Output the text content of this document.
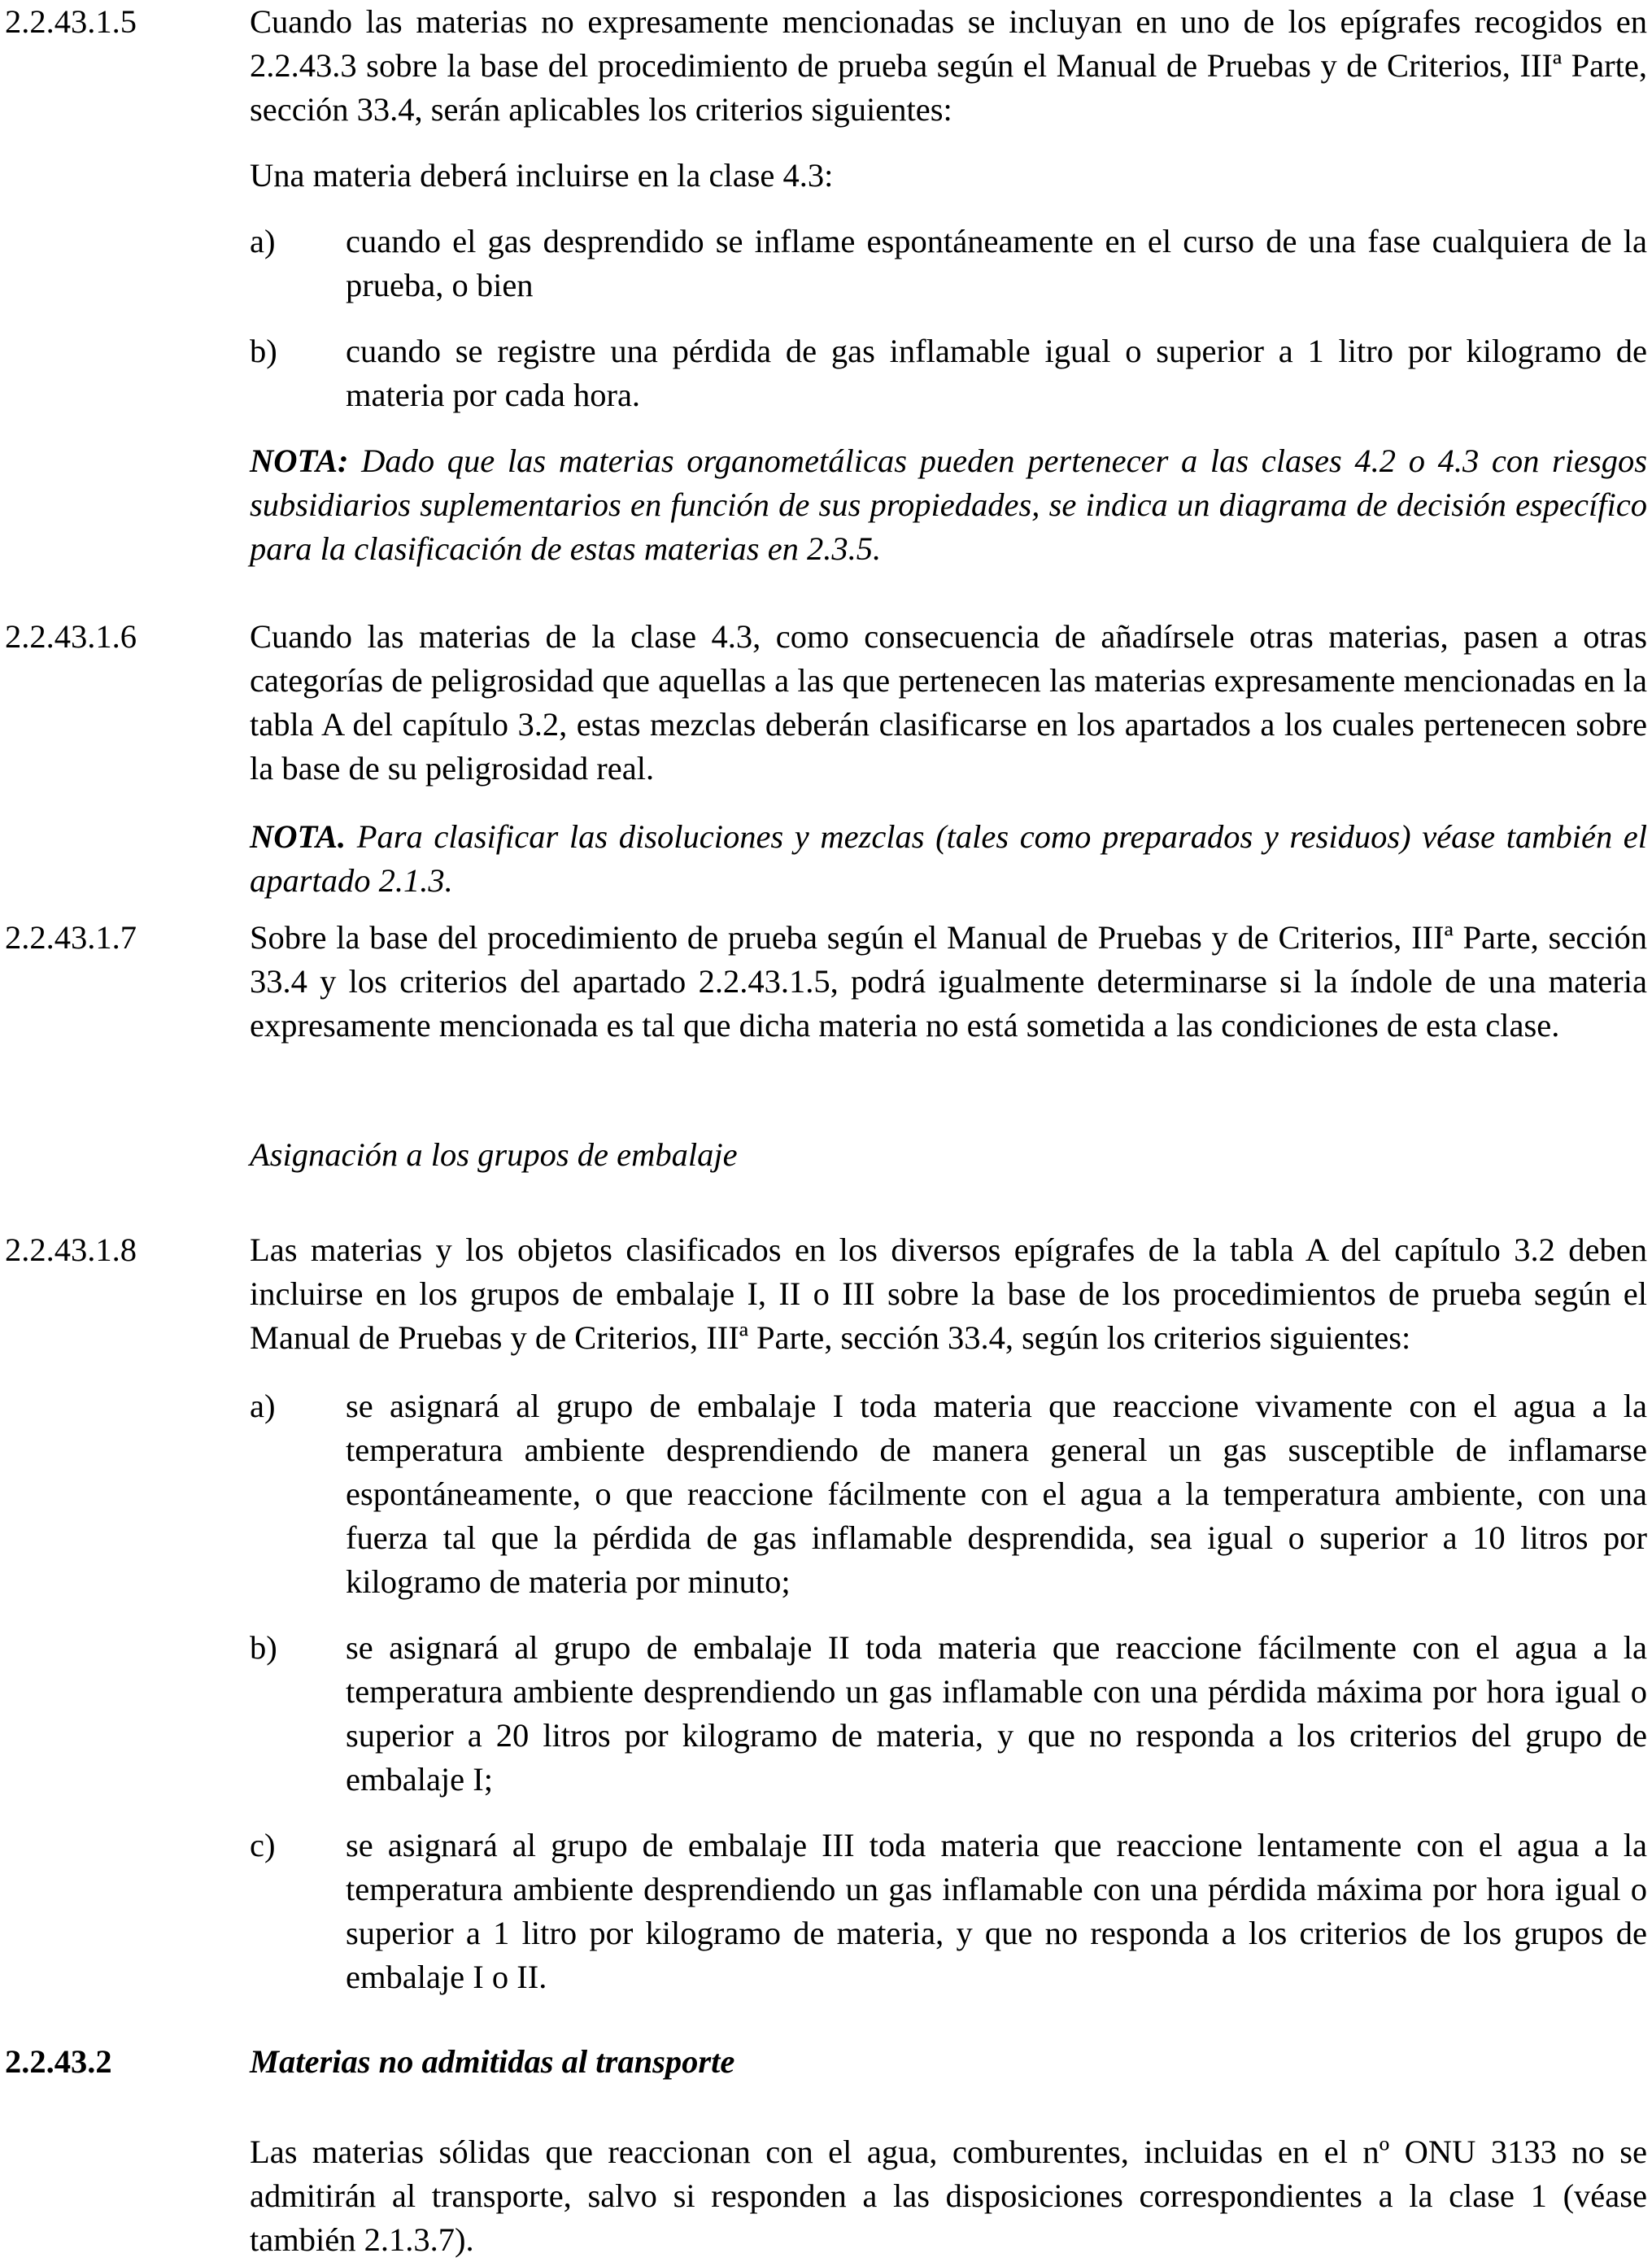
2.2.43.1.5	Cuando las materias no expresamente mencionadas se incluyan en uno de los epígrafes recogidos en 2.2.43.3 sobre la base del procedimiento de prueba según el Manual de Pruebas y de Criterios, IIIª Parte, sección 33.4, serán aplicables los criterios siguientes:

Una materia deberá incluirse en la clase 4.3:

a) cuando el gas desprendido se inflame espontáneamente en el curso de una fase cualquiera de la prueba, o bien

b) cuando se registre una pérdida de gas inflamable igual o superior a 1 litro por kilogramo de materia por cada hora.

NOTA: Dado que las materias organometálicas pueden pertenecer a las clases 4.2 o 4.3 con riesgos subsidiarios suplementarios en función de sus propiedades, se indica un diagrama de decisión específico para la clasificación de estas materias en 2.3.5.

2.2.43.1.6	Cuando las materias de la clase 4.3, como consecuencia de añadírsele otras materias, pasen a otras categorías de peligrosidad que aquellas a las que pertenecen las materias expresamente mencionadas en la tabla A del capítulo 3.2, estas mezclas deberán clasificarse en los apartados a los cuales pertenecen sobre la base de su peligrosidad real.

NOTA. Para clasificar las disoluciones y mezclas (tales como preparados y residuos) véase también el apartado 2.1.3.

2.2.43.1.7	Sobre la base del procedimiento de prueba según el Manual de Pruebas y de Criterios, IIIª Parte, sección 33.4 y los criterios del apartado 2.2.43.1.5, podrá igualmente determinarse si la índole de una materia expresamente mencionada es tal que dicha materia no está sometida a las condiciones de esta clase.

Asignación a los grupos de embalaje

2.2.43.1.8	Las materias y los objetos clasificados en los diversos epígrafes de la tabla A del capítulo 3.2 deben incluirse en los grupos de embalaje I, II o III sobre la base de los procedimientos de prueba según el Manual de Pruebas y de Criterios, IIIª Parte, sección 33.4, según los criterios siguientes:

a) se asignará al grupo de embalaje I toda materia que reaccione vivamente con el agua a la temperatura ambiente desprendiendo de manera general un gas susceptible de inflamarse espontáneamente, o que reaccione fácilmente con el agua a la temperatura ambiente, con una fuerza tal que la pérdida de gas inflamable desprendida, sea igual o superior a 10 litros por kilogramo de materia por minuto;

b) se asignará al grupo de embalaje II toda materia que reaccione fácilmente con el agua a la temperatura ambiente desprendiendo un gas inflamable con una pérdida máxima por hora igual o superior a 20 litros por kilogramo de materia, y que no responda a los criterios del grupo de embalaje I;

c) se asignará al grupo de embalaje III toda materia que reaccione lentamente con el agua a la temperatura ambiente desprendiendo un gas inflamable con una pérdida máxima por hora igual o superior a 1 litro por kilogramo de materia, y que no responda a los criterios de los grupos de embalaje I o II.

2.2.43.2	Materias no admitidas al transporte

Las materias sólidas que reaccionan con el agua, comburentes, incluidas en el nº ONU 3133 no se admitirán al transporte, salvo si responden a las disposiciones correspondientes a la clase 1 (véase también 2.1.3.7).
